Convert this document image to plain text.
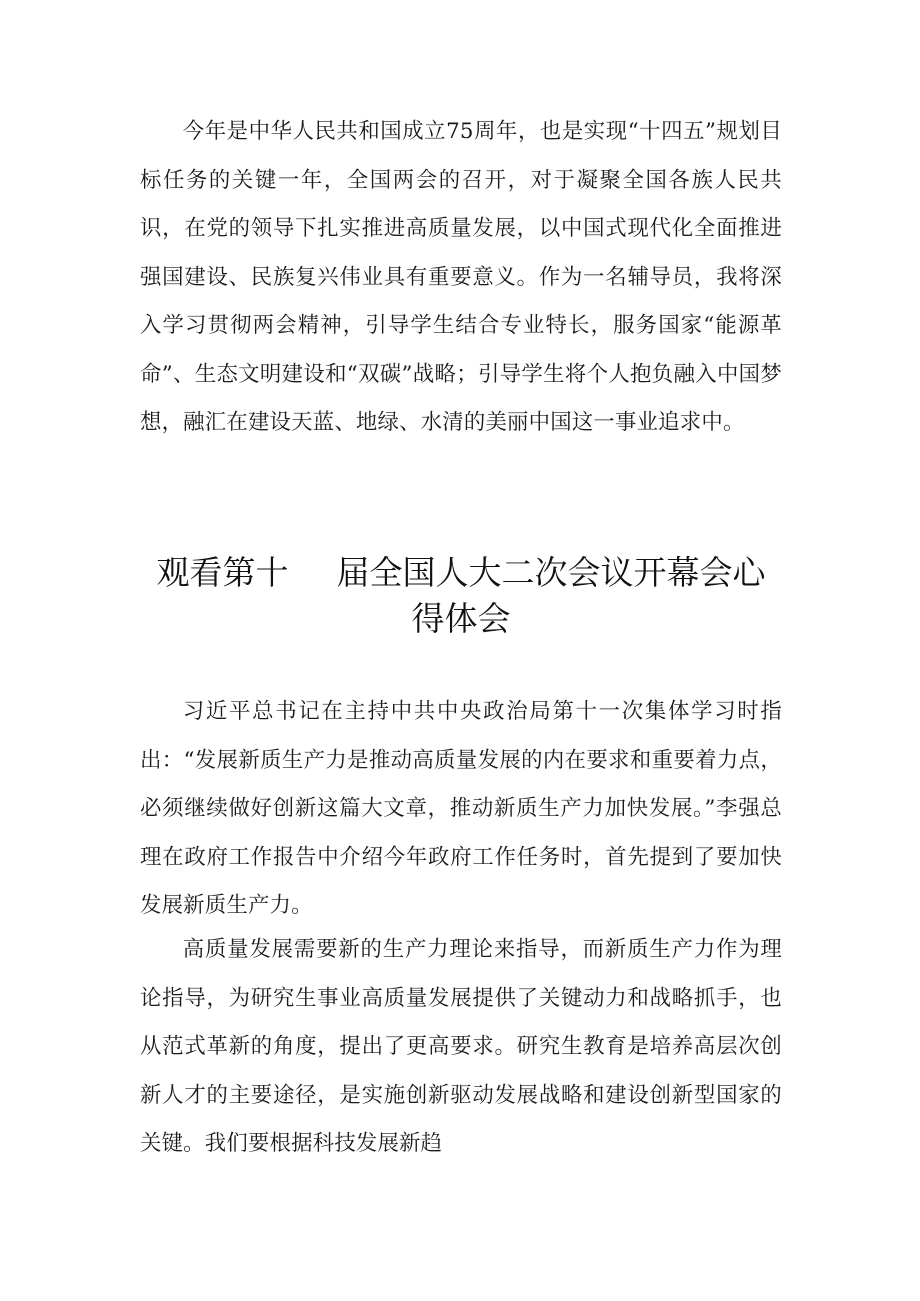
今年是中华人民共和国成立75周年，也是实现“十四五”规划目标任务的关键一年，全国两会的召开，对于凝聚全国各族人民共识，在党的领导下扎实推进高质量发展，以中国式现代化全面推进强国建设、民族复兴伟业具有重要意义。作为一名辅导员，我将深入学习贯彻两会精神，引导学生结合专业特长，服务国家“能源革命”、生态文明建设和“双碳”战略；引导学生将个人抱负融入中国梦想，融汇在建设天蓝、地绿、水清的美丽中国这一事业追求中。

观看第十 届全国人大二次会议开幕会心
得体会

习近平总书记在主持中共中央政治局第十一次集体学习时指出：“发展新质生产力是推动高质量发展的内在要求和重要着力点，必须继续做好创新这篇大文章，推动新质生产力加快发展。”李强总理在政府工作报告中介绍今年政府工作任务时，首先提到了要加快发展新质生产力。

高质量发展需要新的生产力理论来指导，而新质生产力作为理论指导，为研究生事业高质量发展提供了关键动力和战略抓手，也从范式革新的角度，提出了更高要求。研究生教育是培养高层次创新人才的主要途径，是实施创新驱动发展战略和建设创新型国家的关键。我们要根据科技发展新趋
